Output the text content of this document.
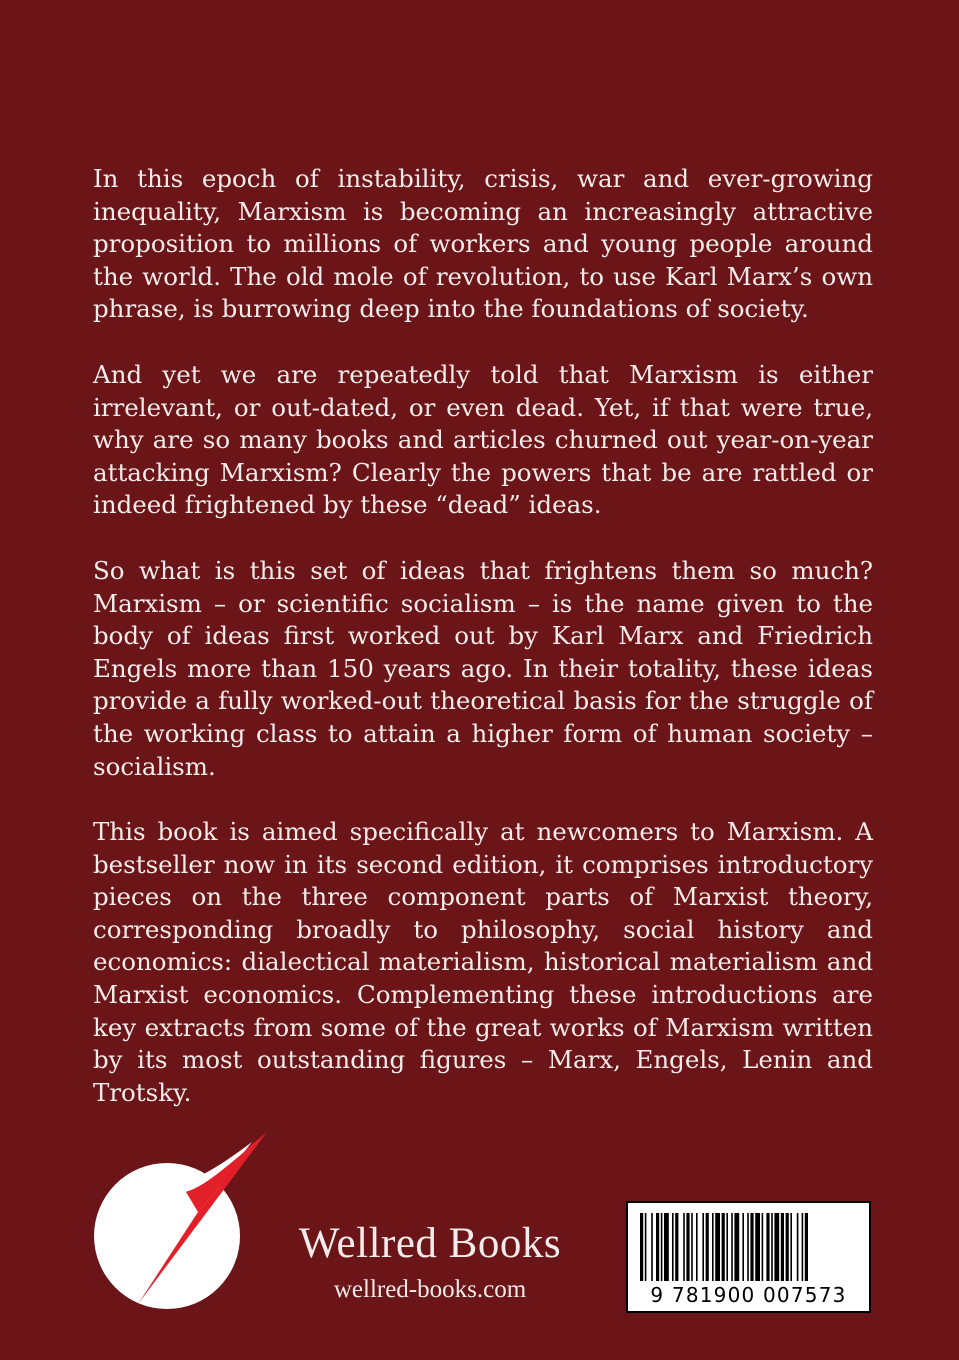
In this epoch of instability, crisis, war and ever-growing inequality, Marxism is becoming an increasingly attractive proposition to millions of workers and young people around the world. The old mole of revolution, to use Karl Marx’s own phrase, is burrowing deep into the foundations of society.

And yet we are repeatedly told that Marxism is either irrelevant, or out-dated, or even dead. Yet, if that were true, why are so many books and articles churned out year-on-year attacking Marxism? Clearly the powers that be are rattled or indeed frightened by these “dead” ideas.

So what is this set of ideas that frightens them so much? Marxism – or scientific socialism – is the name given to the body of ideas first worked out by Karl Marx and Friedrich Engels more than 150 years ago. In their totality, these ideas provide a fully worked-out theoretical basis for the struggle of the working class to attain a higher form of human society – socialism.

This book is aimed specifically at newcomers to Marxism. A bestseller now in its second edition, it comprises introductory pieces on the three component parts of Marxist theory, corresponding broadly to philosophy, social history and economics: dialectical materialism, historical materialism and Marxist economics. Complementing these introductions are key extracts from some of the great works of Marxism written by its most outstanding figures – Marx, Engels, Lenin and Trotsky.

Wellred Books
wellred-books.com	9 781900 007573
